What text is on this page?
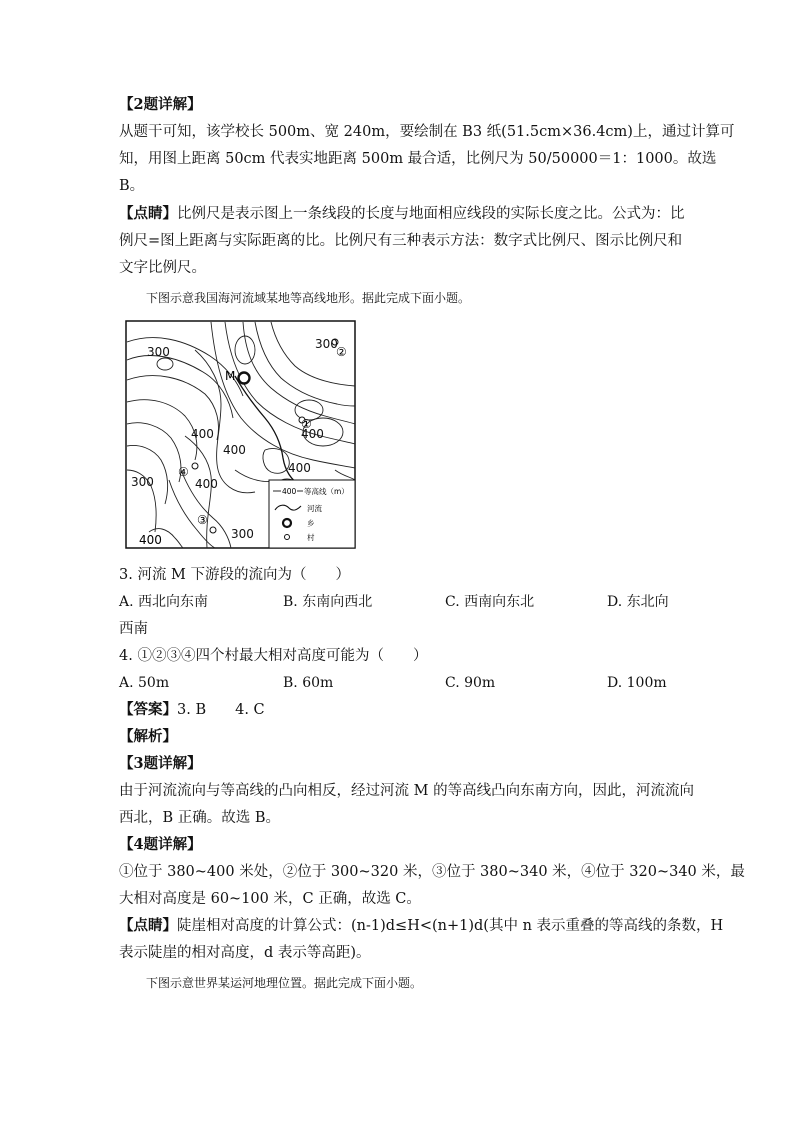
【2题详解】
从题干可知，该学校长 500m、宽 240m，要绘制在 B3 纸(51.5cm×36.4cm)上，通过计算可
知，用图上距离 50cm 代表实地距离 500m 最合适，比例尺为 50/50000＝1：1000。故选
B。
【点睛】比例尺是表示图上一条线段的长度与地面相应线段的实际长度之比。公式为：比
例尺=图上距离与实际距离的比。比例尺有三种表示方法：数字式比例尺、图示比例尺和
文字比例尺。
下图示意我国海河流域某地等高线地形。据此完成下面小题。
M
①
②
③
④
300
300
300
400
400
400
400
400
300
400
400 等高线（m）
河流
乡
村
3. 河流 M 下游段的流向为（　　）
A. 西北向东南	B. 东南向西北	C. 西南向东北	D. 东北向
西南
4. ①②③④四个村最大相对高度可能为（　　）
A. 50m	B. 60m	C. 90m	D. 100m
【答案】3. B　　4. C
【解析】
【3题详解】
由于河流流向与等高线的凸向相反，经过河流 M 的等高线凸向东南方向，因此，河流流向
西北，B 正确。故选 B。
【4题详解】
①位于 380~400 米处，②位于 300~320 米，③位于 380~340 米，④位于 320~340 米，最
大相对高度是 60~100 米，C 正确，故选 C。
【点睛】陡崖相对高度的计算公式：(n-1)d≤H<(n+1)d(其中 n 表示重叠的等高线的条数，H
表示陡崖的相对高度，d 表示等高距)。
下图示意世界某运河地理位置。据此完成下面小题。
